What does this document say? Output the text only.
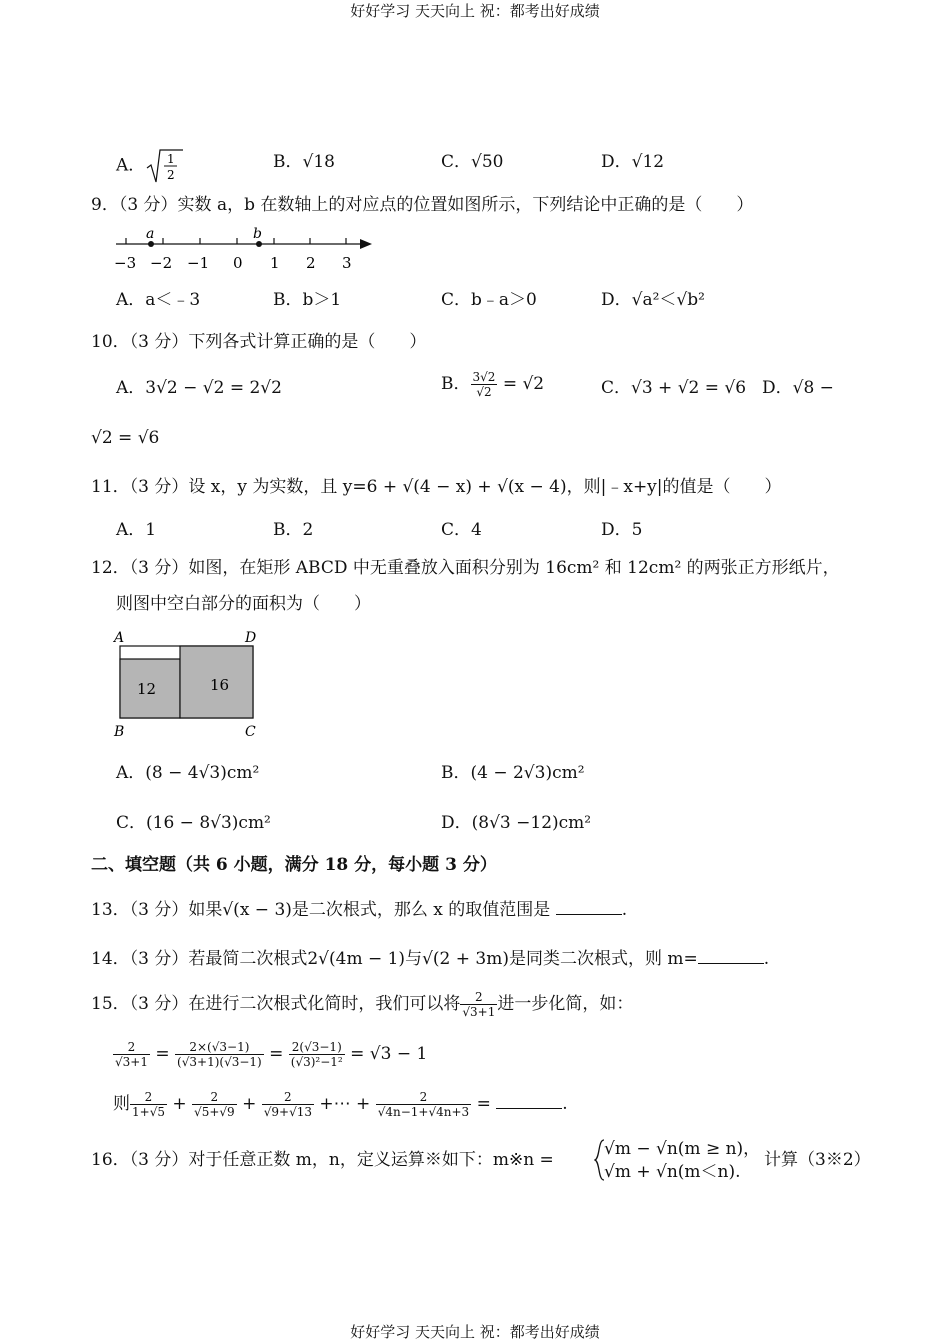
好好学习 天天向上 祝：都考出好成绩
A． 1
2
B．√18	C．√50	D．√12
9．（3 分）实数 a，b 在数轴上的对应点的位置如图所示，下列结论中正确的是（　　）
a	b
−3 −2 −1 0 1 2 3
A．a＜﹣3	B．b＞1	C．b﹣a＞0	D．√a²＜√b²
10．（3 分）下列各式计算正确的是（　　）
A．3√2 − √2 = 2√2	B． $\frac{3√2}{√2} = √2$	C．√3 + √2 = √6 D．√8 −
√2 = √6
11．（3 分）设 x，y 为实数，且 y=6 + √(4 − x) + √(x − 4)，则|﹣x+y|的值是（　　）
A．1	B．2	C．4	D．5
12．（3 分）如图，在矩形 ABCD 中无重叠放入面积分别为 16cm² 和 12cm² 的两张正方形纸片，
则图中空白部分的面积为（　　）
A	D
B	C
12	16
A．(8 − 4√3)cm²	B．(4 − 2√3)cm²
C．(16 − 8√3)cm²	D．(8√3 −12)cm²
二、填空题（共 6 小题，满分 18 分，每小题 3 分）
13．（3 分）如果√(x − 3)是二次根式，那么 x 的取值范围是	.
14．（3 分）若最简二次根式2√(4m − 1)与√(2 + 3m)是同类二次根式，则 m=	.
15．（3 分）在进行二次根式化简时，我们可以将 $\frac{2}{√3+1}$ 进一步化简，如：
$\frac{2}{√3+1} = \frac{2\times(√3-1)}{(√3+1)(√3-1)} = \frac{2(√3-1)}{\text{(√3)²−1²}} = √3 - 1$
则 $\frac{2}{1+√5} + \frac{2}{√5+√9} + \frac{2}{√9+√13}$ +⋯ + $\frac{2}{√4n-1+√4n+3}$ =	.
16．（3 分）对于任意正数 m，n，定义运算※如下：m※n =
√m − √n(m ≥ n)，
√m + √n(m＜n).
计算（3※2）
好好学习 天天向上 祝：都考出好成绩
